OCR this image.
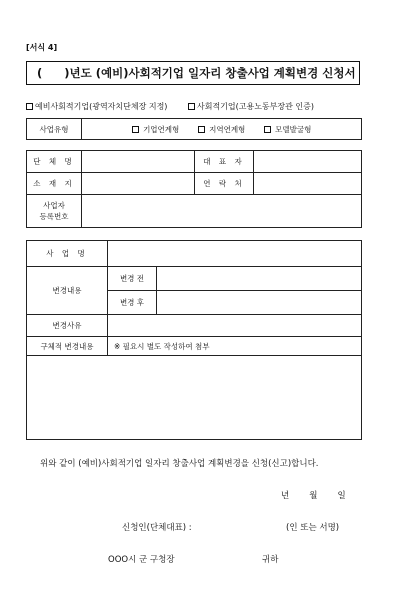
[서식 4]
( )년도 (예비)사회적기업 일자리 창출사업 계획변경 신청서
예비사회적기업(광역자치단체장 지정)	사회적기업(고용노동부장관 인증)
사업유형	기업연계형	지역연계형	모델발굴형
단 체 명		대 표 자	
소 재 지		연 락 처	

사업자
등록번호			

사 업 명		
변경내용	변경 전	
	변경 후	
변경사유		
구체적 변경내용	※ 필요시 별도 작성하여 첨부	

위와 같이 (예비)사회적기업 일자리 창출사업 계획변경을 신청(신고)합니다.
년 월 일
신청인(단체대표) :	(인 또는 서명)
OOO시 군 구청장	귀하
